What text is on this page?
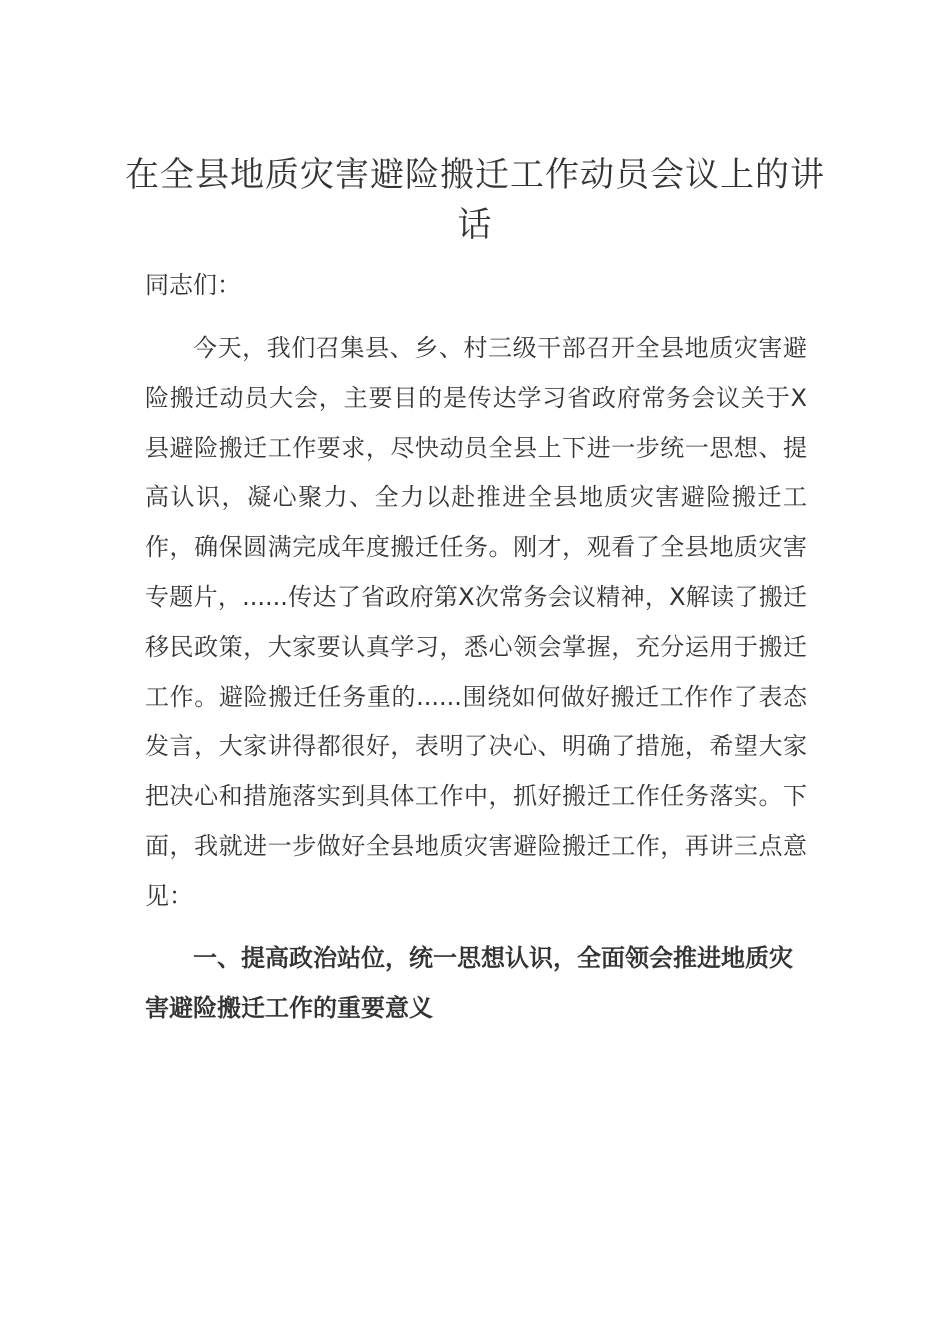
在全县地质灾害避险搬迁工作动员会议上的讲话

同志们：

今天，我们召集县、乡、村三级干部召开全县地质灾害避险搬迁动员大会，主要目的是传达学习省政府常务会议关于X县避险搬迁工作要求，尽快动员全县上下进一步统一思想、提高认识，凝心聚力、全力以赴推进全县地质灾害避险搬迁工作，确保圆满完成年度搬迁任务。刚才，观看了全县地质灾害专题片，......传达了省政府第X次常务会议精神，X解读了搬迁移民政策，大家要认真学习，悉心领会掌握，充分运用于搬迁工作。避险搬迁任务重的......围绕如何做好搬迁工作作了表态发言，大家讲得都很好，表明了决心、明确了措施，希望大家把决心和措施落实到具体工作中，抓好搬迁工作任务落实。下面，我就进一步做好全县地质灾害避险搬迁工作，再讲三点意见：

一、提高政治站位，统一思想认识，全面领会推进地质灾害避险搬迁工作的重要意义
